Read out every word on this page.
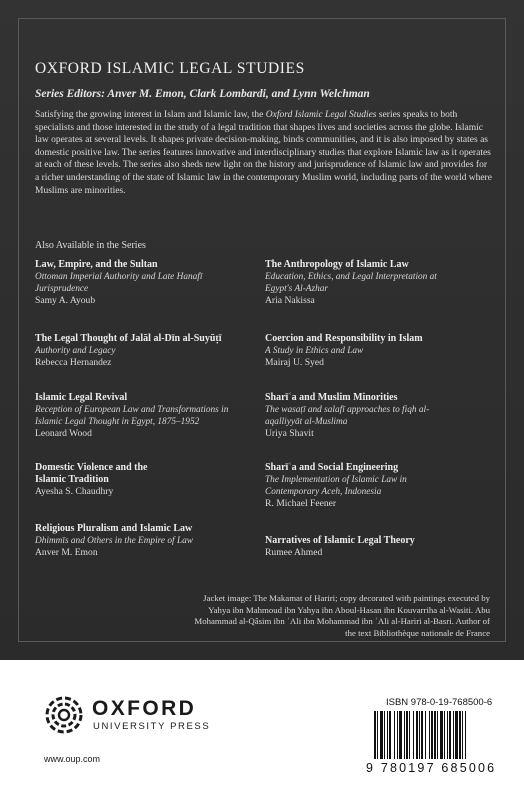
OXFORD ISLAMIC LEGAL STUDIES
Series Editors: Anver M. Emon, Clark Lombardi, and Lynn Welchman
Satisfying the growing interest in Islam and Islamic law, the Oxford Islamic Legal Studies series speaks to both specialists and those interested in the study of a legal tradition that shapes lives and societies across the globe. Islamic law operates at several levels. It shapes private decision-making, binds communities, and it is also imposed by states as domestic positive law. The series features innovative and interdisciplinary studies that explore Islamic law as it operates at each of these levels. The series also sheds new light on the history and jurisprudence of Islamic law and provides for a richer understanding of the state of Islamic law in the contemporary Muslim world, including parts of the world where Muslims are minorities.
Also Available in the Series
Law, Empire, and the Sultan
Ottoman Imperial Authority and Late Hanafī Jurisprudence
Samy A. Ayoub
The Legal Thought of Jalāl al-Dīn al-Suyūṭī
Authority and Legacy
Rebecca Hernandez
Islamic Legal Revival
Reception of European Law and Transformations in Islamic Legal Thought in Egypt, 1875–1952
Leonard Wood
Domestic Violence and the Islamic Tradition
Ayesha S. Chaudhry
Religious Pluralism and Islamic Law
Dhimmīs and Others in the Empire of Law
Anver M. Emon
The Anthropology of Islamic Law
Education, Ethics, and Legal Interpretation at Egypt's Al-Azhar
Aria Nakissa
Coercion and Responsibility in Islam
A Study in Ethics and Law
Mairaj U. Syed
Sharīʿa and Muslim Minorities
The wasaṭī and salafī approaches to fiqh al-aqalliyyāt al-Muslima
Uriya Shavit
Sharīʿa and Social Engineering
The Implementation of Islamic Law in Contemporary Aceh, Indonesia
R. Michael Feener
Narratives of Islamic Legal Theory
Rumee Ahmed
Jacket image: The Makamat of Hariri; copy decorated with paintings executed by Yahya ibn Mahmoud ibn Yahya ibn Aboul-Hasan ibn Kouvarriha al-Wasiti. Abu Mohammad al-Qâsim ibn ʿAli ibn Mohammad ibn ʿAli al-Hariri al-Basri. Author of the text Bibliothèque nationale de France
OXFORD
UNIVERSITY PRESS
www.oup.com
ISBN 978-0-19-768500-6
9 780197 685006
